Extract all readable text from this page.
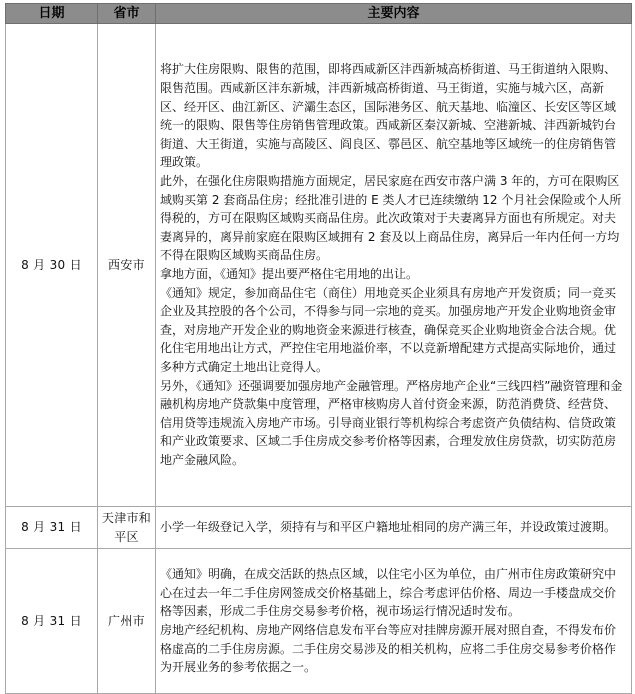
日期	省市	主要内容
8 月 30 日	西安市	将扩大住房限购、限售的范围，即将西咸新区沣西新城高桥街道、马王街道纳入限购、限售范围。西咸新区沣东新城，沣西新城高桥街道、马王街道，实施与城六区，高新区、经开区、曲江新区、浐灞生态区，国际港务区、航天基地、临潼区、长安区等区域统一的限购、限售等住房销售管理政策。西咸新区秦汉新城、空港新城、沣西新城钓台街道、大王街道，实施与高陵区、阎良区、鄠邑区、航空基地等区域统一的住房销售管理政策。

此外，在强化住房限购措施方面规定，居民家庭在西安市落户满 3 年的，方可在限购区域购买第 2 套商品住房；经批准引进的 E 类人才已连续缴纳 12 个月社会保险或个人所得税的，方可在限购区域购买商品住房。此次政策对于夫妻离异方面也有所规定。对夫妻离异的，离异前家庭在限购区域拥有 2 套及以上商品住房，离异后一年内任何一方均不得在限购区域购买商品住房。

拿地方面，《通知》提出要严格住宅用地的出让。

《通知》规定，参加商品住宅（商住）用地竞买企业须具有房地产开发资质；同一竞买企业及其控股的各个公司，不得参与同一宗地的竞买。加强房地产开发企业购地资金审查，对房地产开发企业的购地资金来源进行核查，确保竞买企业购地资金合法合规。优化住宅用地出让方式，严控住宅用地溢价率，不以竞新增配建方式提高实际地价，通过多种方式确定土地出让竞得人。

另外，《通知》还强调要加强房地产金融管理。严格房地产企业“三线四档”融资管理和金融机构房地产贷款集中度管理，严格审核购房人首付资金来源，防范消费贷、经营贷、信用贷等违规流入房地产市场。引导商业银行等机构综合考虑资产负债结构、信贷政策和产业政策要求、区域二手住房成交参考价格等因素，合理发放住房贷款，切实防范房地产金融风险。

8 月 31 日	天津市和平区	小学一年级登记入学，须持有与和平区户籍地址相同的房产满三年，并设政策过渡期。

8 月 31 日	广州市	《通知》明确，在成交活跃的热点区域，以住宅小区为单位，由广州市住房政策研究中心在过去一年二手住房网签成交价格基础上，综合考虑评估价格、周边一手楼盘成交价格等因素，形成二手住房交易参考价格，视市场运行情况适时发布。

房地产经纪机构、房地产网络信息发布平台等应对挂牌房源开展对照自查，不得发布价格虚高的二手住房房源。二手住房交易涉及的相关机构，应将二手住房交易参考价格作为开展业务的参考依据之一。
